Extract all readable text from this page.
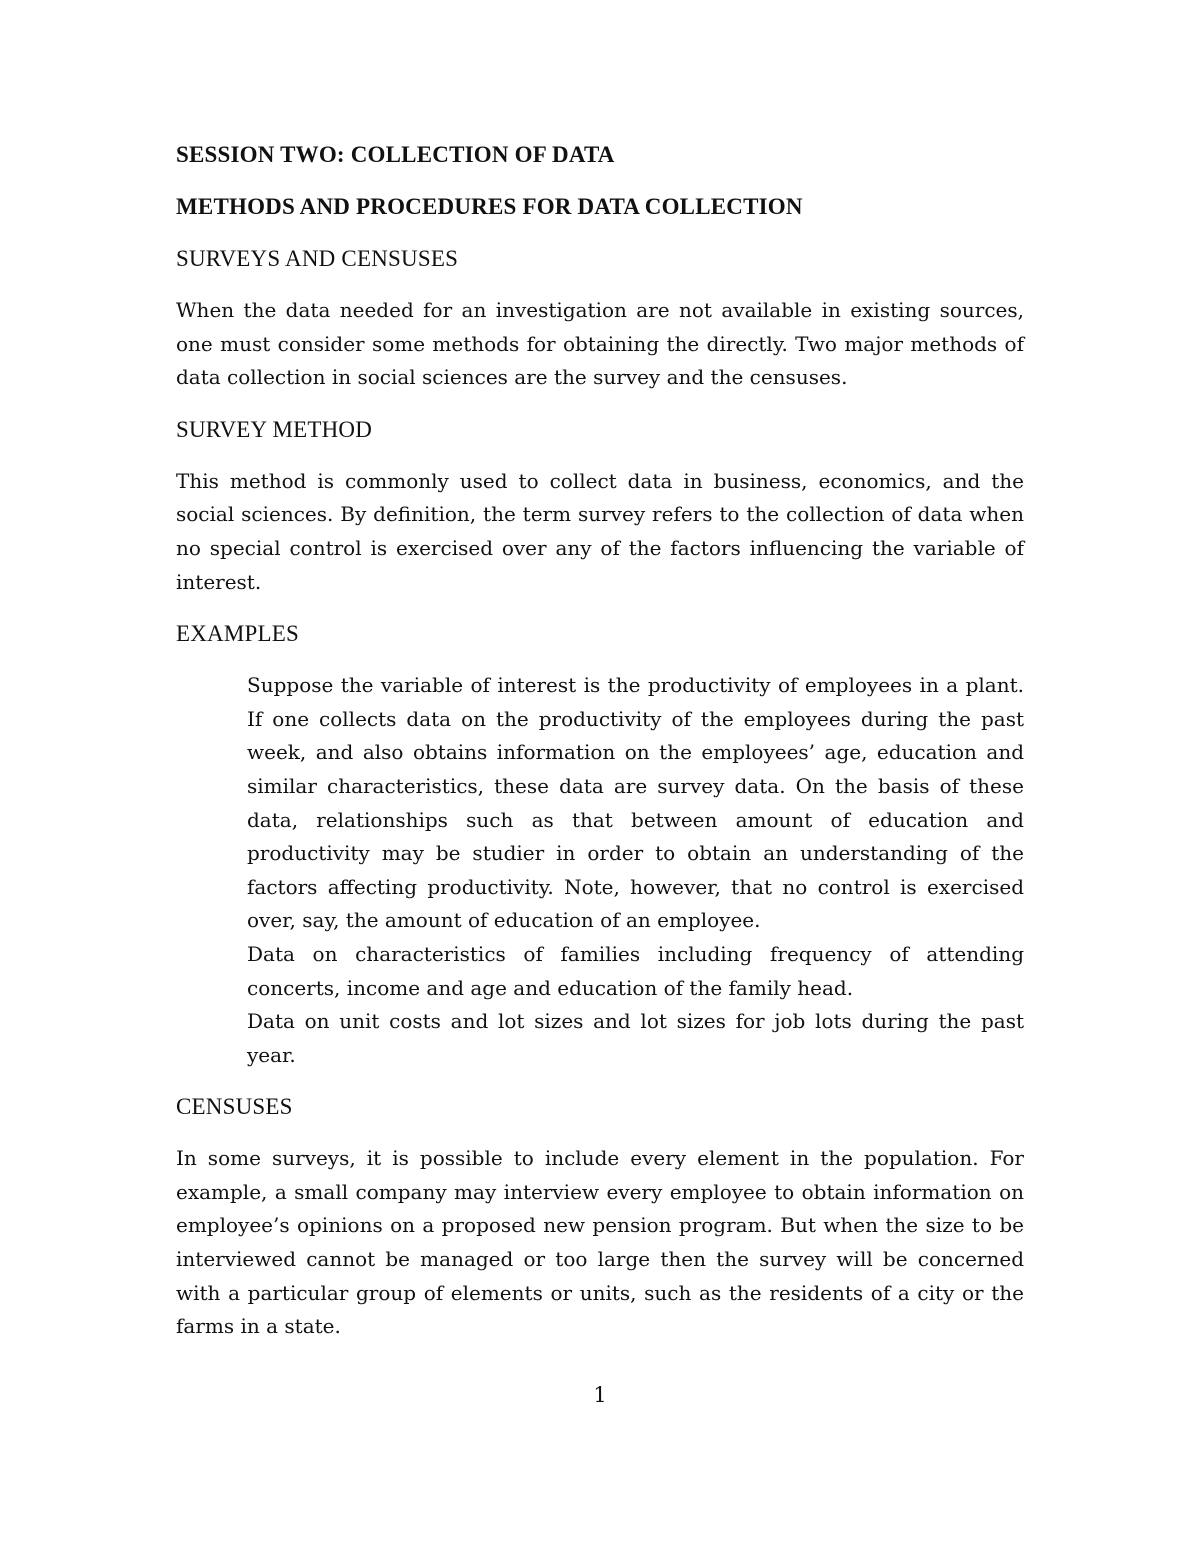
SESSION TWO: COLLECTION OF DATA
METHODS AND PROCEDURES FOR DATA COLLECTION
SURVEYS AND CENSUSES

When the data needed for an investigation are not available in existing sources, one must consider some methods for obtaining the directly. Two major methods of data collection in social sciences are the survey and the censuses.

SURVEY METHOD

This method is commonly used to collect data in business, economics, and the social sciences. By definition, the term survey refers to the collection of data when no special control is exercised over any of the factors influencing the variable of interest.

EXAMPLES
Suppose the variable of interest is the productivity of employees in a plant. If one collects data on the productivity of the employees during the past week, and also obtains information on the employees’ age, education and similar characteristics, these data are survey data. On the basis of these data, relationships such as that between amount of education and productivity may be studier in order to obtain an understanding of the factors affecting productivity. Note, however, that no control is exercised over, say, the amount of education of an employee.
Data on characteristics of families including frequency of attending concerts, income and age and education of the family head.
Data on unit costs and lot sizes and lot sizes for job lots during the past year.
CENSUSES

In some surveys, it is possible to include every element in the population. For example, a small company may interview every employee to obtain information on employee’s opinions on a proposed new pension program. But when the size to be interviewed cannot be managed or too large then the survey will be concerned with a particular group of elements or units, such as the residents of a city or the farms in a state.

1
